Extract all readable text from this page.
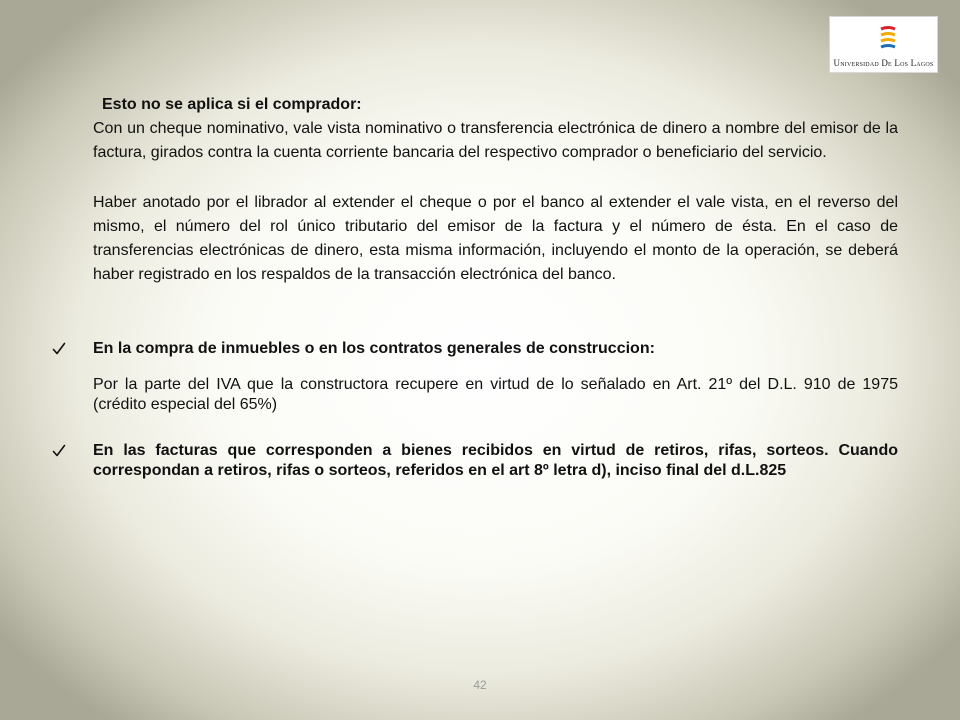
Universidad De Los Lagos
Esto no se aplica si el comprador:

Con un cheque nominativo, vale vista nominativo o transferencia electrónica de dinero a nombre del emisor de la factura, girados contra la cuenta corriente bancaria del respectivo comprador o beneficiario del servicio.

Haber anotado por el librador al extender el cheque o por el banco al extender el vale vista, en el reverso del mismo, el número del rol único tributario del emisor de la factura y el número de ésta. En el caso de transferencias electrónicas de dinero, esta misma información, incluyendo el monto de la operación, se deberá haber registrado en los respaldos de la transacción electrónica del banco.

En la compra de inmuebles o en los contratos generales de construccion:

Por la parte del IVA que la constructora recupere en virtud de lo señalado en Art. 21º del D.L. 910 de 1975 (crédito especial del 65%)

En las facturas que corresponden a bienes recibidos en virtud de retiros, rifas, sorteos. Cuando correspondan a retiros, rifas o sorteos, referidos en el art 8º letra d), inciso final del d.L.825

42
